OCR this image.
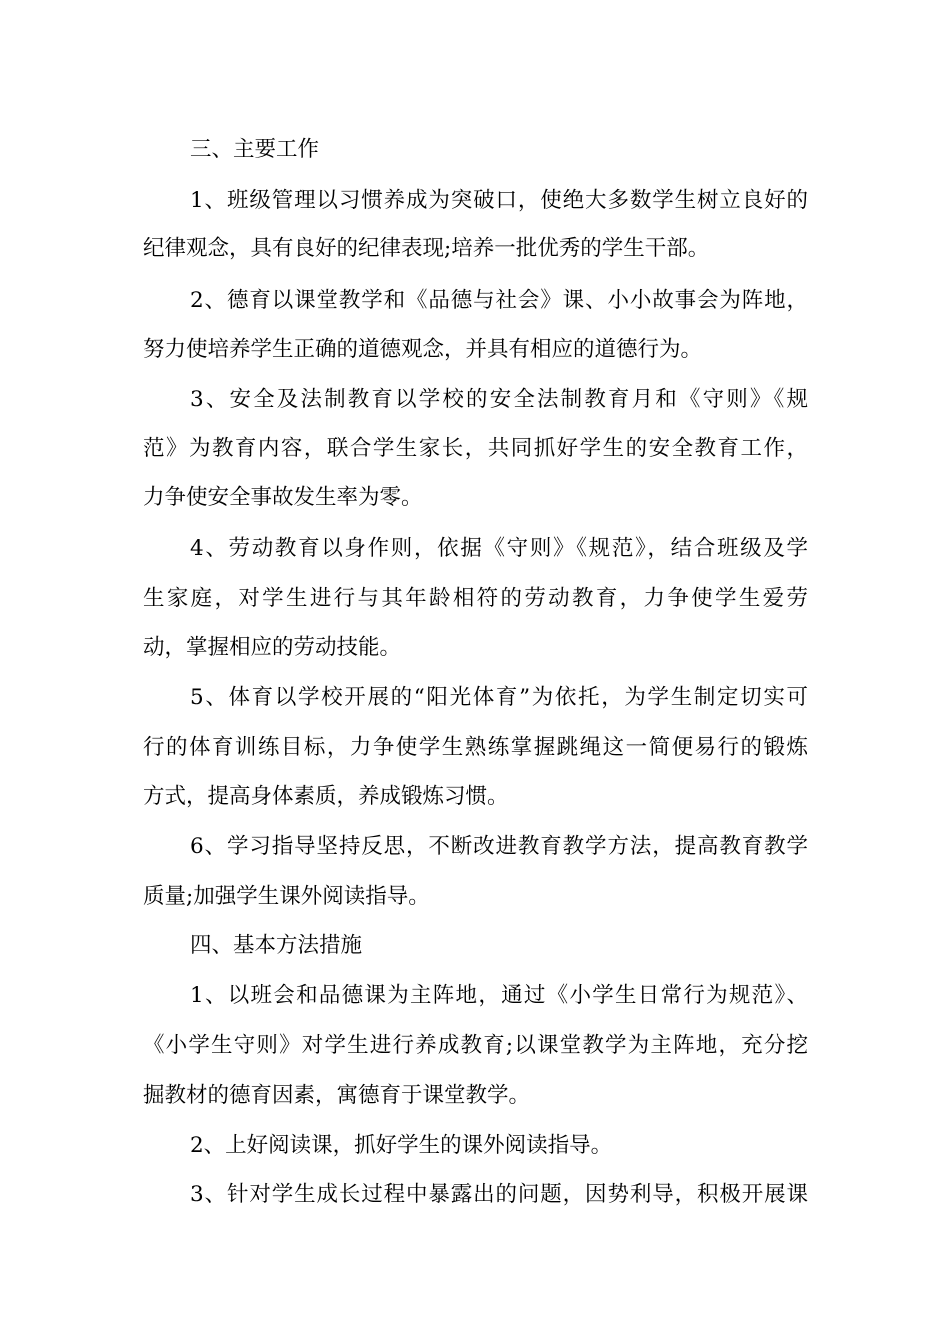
三、主要工作
1、班级管理以习惯养成为突破口，使绝大多数学生树立良好的
纪律观念，具有良好的纪律表现;培养一批优秀的学生干部。
2、德育以课堂教学和《品德与社会》课、小小故事会为阵地，
努力使培养学生正确的道德观念，并具有相应的道德行为。
3、安全及法制教育以学校的安全法制教育月和《守则》《规
范》为教育内容，联合学生家长，共同抓好学生的安全教育工作，
力争使安全事故发生率为零。
4、劳动教育以身作则，依据《守则》《规范》，结合班级及学
生家庭，对学生进行与其年龄相符的劳动教育，力争使学生爱劳
动，掌握相应的劳动技能。
5、体育以学校开展的“阳光体育”为依托，为学生制定切实可
行的体育训练目标，力争使学生熟练掌握跳绳这一简便易行的锻炼
方式，提高身体素质，养成锻炼习惯。
6、学习指导坚持反思，不断改进教育教学方法，提高教育教学
质量;加强学生课外阅读指导。
四、基本方法措施
1、以班会和品德课为主阵地，通过《小学生日常行为规范》、
《小学生守则》对学生进行养成教育;以课堂教学为主阵地，充分挖
掘教材的德育因素，寓德育于课堂教学。
2、上好阅读课，抓好学生的课外阅读指导。
3、针对学生成长过程中暴露出的问题，因势利导，积极开展课
